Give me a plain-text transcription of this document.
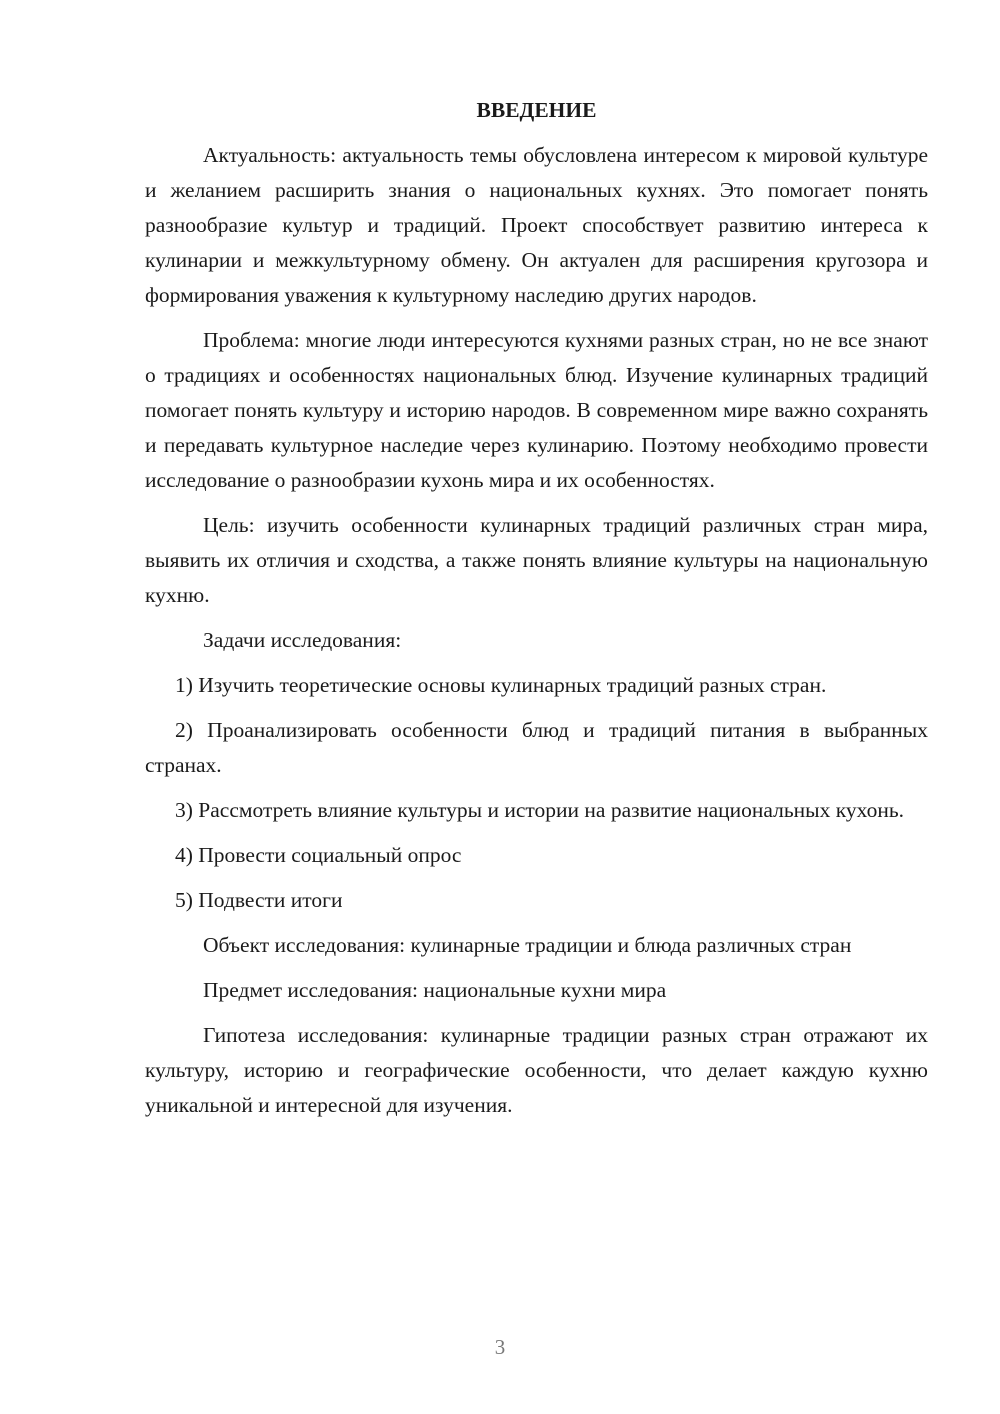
ВВЕДЕНИЕ

Актуальность: актуальность темы обусловлена интересом к мировой культуре и желанием расширить знания о национальных кухнях. Это помогает понять разнообразие культур и традиций. Проект способствует развитию интереса к кулинарии и межкультурному обмену. Он актуален для расширения кругозора и формирования уважения к культурному наследию других народов.

Проблема: многие люди интересуются кухнями разных стран, но не все знают о традициях и особенностях национальных блюд. Изучение кулинарных традиций помогает понять культуру и историю народов. В современном мире важно сохранять и передавать культурное наследие через кулинарию. Поэтому необходимо провести исследование о разнообразии кухонь мира и их особенностях.

Цель: изучить особенности кулинарных традиций различных стран мира, выявить их отличия и сходства, а также понять влияние культуры на национальную кухню.

Задачи исследования:

1) Изучить теоретические основы кулинарных традиций разных стран.

2) Проанализировать особенности блюд и традиций питания в выбранных странах.

3) Рассмотреть влияние культуры и истории на развитие национальных кухонь.

4) Провести социальный опрос

5) Подвести итоги

Объект исследования: кулинарные традиции и блюда различных стран

Предмет исследования: национальные кухни мира

Гипотеза исследования: кулинарные традиции разных стран отражают их культуру, историю и географические особенности, что делает каждую кухню уникальной и интересной для изучения.

3
